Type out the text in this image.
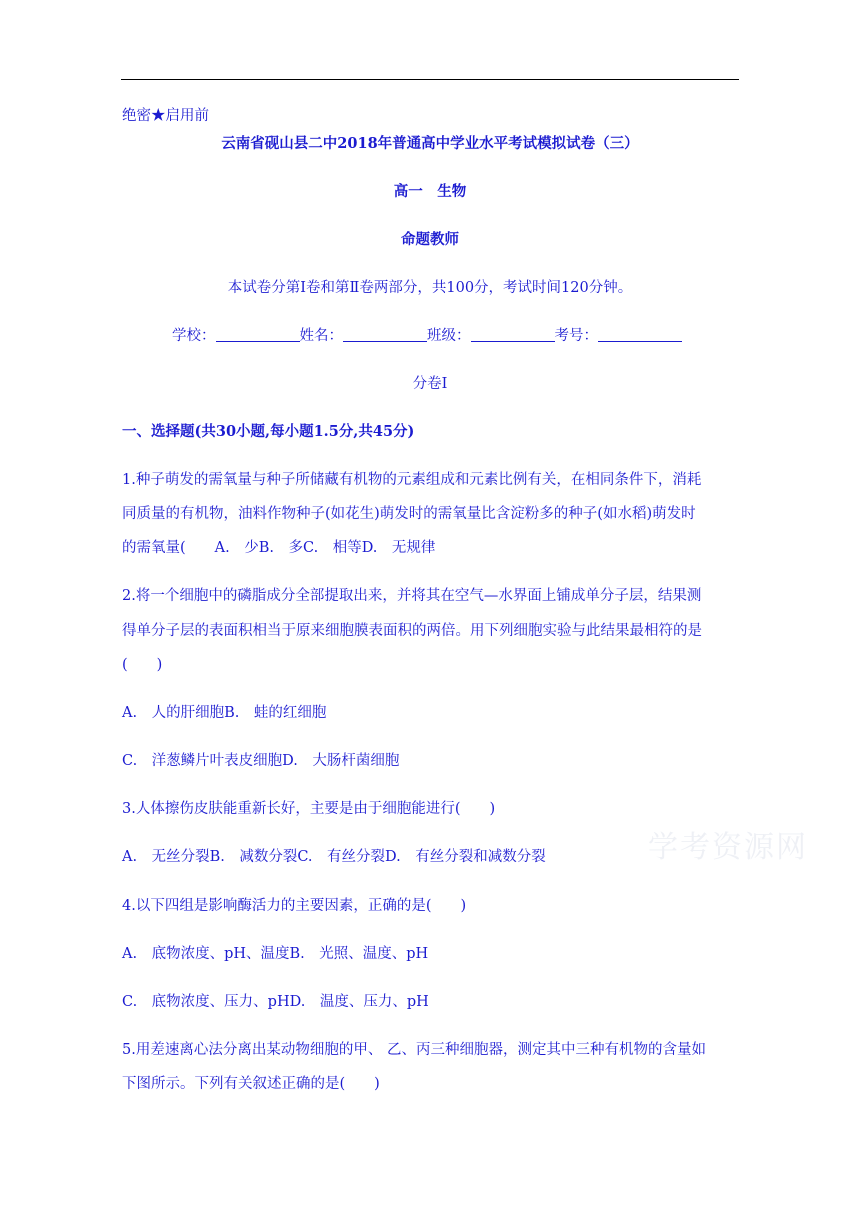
绝密★启用前
云南省砚山县二中2018年普通高中学业水平考试模拟试卷（三）
高一　生物
命题教师
本试卷分第Ⅰ卷和第Ⅱ卷两部分，共100分，考试时间120分钟。
学校：	姓名：	班级：	考号：
分卷I
一、选择题(共30小题,每小题1.5分,共45分)
1.种子萌发的需氧量与种子所储藏有机物的元素组成和元素比例有关，在相同条件下，消耗
同质量的有机物，油料作物种子(如花生)萌发时的需氧量比含淀粉多的种子(如水稻)萌发时
的需氧量(　　A.　少B.　多C.　相等D.　无规律
2.将一个细胞中的磷脂成分全部提取出来，并将其在空气—水界面上铺成单分子层，结果测
得单分子层的表面积相当于原来细胞膜表面积的两倍。用下列细胞实验与此结果最相符的是
(　　)
A.　人的肝细胞B.　蛙的红细胞
C.　洋葱鳞片叶表皮细胞D.　大肠杆菌细胞
3.人体擦伤皮肤能重新长好，主要是由于细胞能进行(　　)
A.　无丝分裂B.　减数分裂C.　有丝分裂D.　有丝分裂和减数分裂
4.以下四组是影响酶活力的主要因素，正确的是(　　)
A.　底物浓度、pH、温度B.　光照、温度、pH
C.　底物浓度、压力、pHD.　温度、压力、pH
5.用差速离心法分离出某动物细胞的甲、 乙、丙三种细胞器，测定其中三种有机物的含量如
下图所示。下列有关叙述正确的是(　　)
学考资源网
